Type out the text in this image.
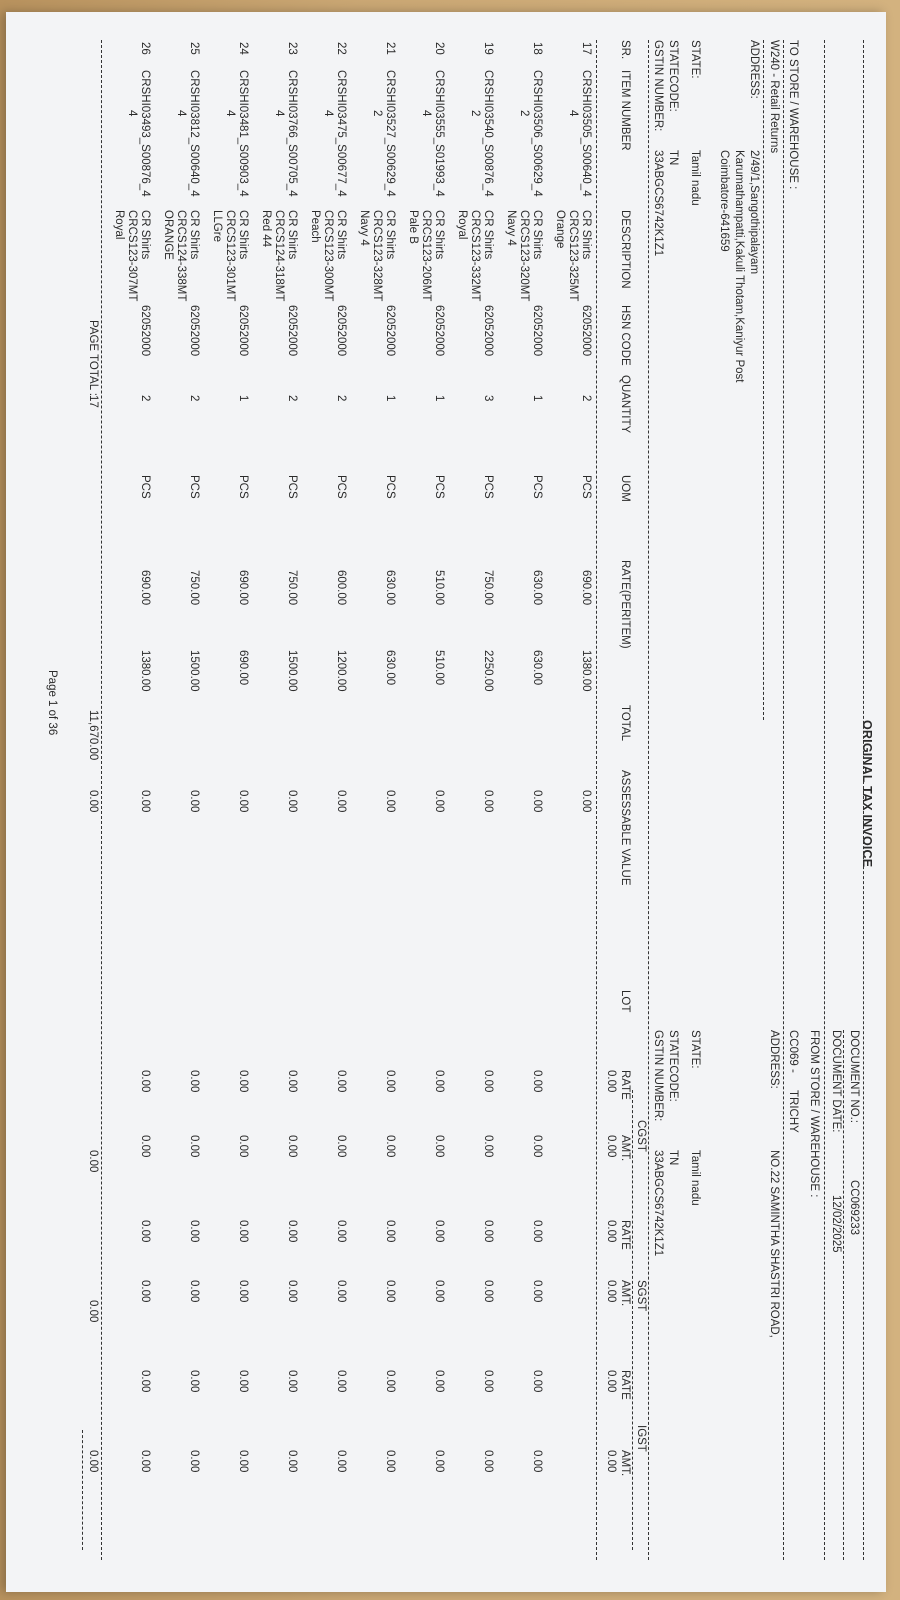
ORIGINAL TAX INVOICE
DOCUMENT NO.:
CC069233
DOCUMENT DATE:
12/02/2025
FROM STORE / WAREHOUSE :
TO STORE / WAREHOUSE :
CC069 -
TRICHY
W240 - Retail Returns
ADDRESS:
NO.22 SAMINTHA SHASTRI ROAD,
ADDRESS:
2/49/1,Sangothipalayam
Karumathampatti,Kakuli Thotam,Kaniyur Post
Coimbatore-641659
STATE:
Tamil nadu
STATE:
Tamil nadu
STATECODE:
TN
STATECODE:
TN
GSTIN NUMBER:
33ABGCS6742K1Z1
GSTIN NUMBER:
33ABGCS6742K1Z1
CGST
SGST
IGST
SR.
ITEM NUMBER
DESCRIPTION
HSN CODE
QUANTITY
UOM
RATE(PERITEM)
TOTAL
ASSESSABLE VALUE
LOT
RATE
AMT.
RATE
AMT.
RATE
AMT.
0.00
0.00
0.00
0.00
0.00
0.00
17
CRSHI03505_S00640_4
CR Shirts
62052000
2
PCS
690.00
1380.00
0.00
4
CRCS123-325MT
Orange
18
CRSHI03506_S00629_4
CR Shirts
62052000
1
PCS
630.00
630.00
0.00
2
CRCS123-320MT
Navy 4
0.00
0.00
0.00
0.00
0.00
0.00
19
CRSHI03540_S00876_4
CR Shirts
62052000
3
PCS
750.00
2250.00
0.00
2
CRCS123-332MT
Royal
0.00
0.00
0.00
0.00
0.00
0.00
20
CRSHI03555_S01993_4
CR Shirts
62052000
1
PCS
510.00
510.00
0.00
4
CRCS123-206MT
Pale B
0.00
0.00
0.00
0.00
0.00
0.00
21
CRSHI03527_S00629_4
CR Shirts
62052000
1
PCS
630.00
630.00
0.00
2
CRCS123-328MT
Navy 4
0.00
0.00
0.00
0.00
0.00
0.00
22
CRSHI03475_S00677_4
CR Shirts
62052000
2
PCS
600.00
1200.00
0.00
4
CRCS123-300MT
Peach
0.00
0.00
0.00
0.00
0.00
0.00
23
CRSHI03766_S00705_4
CR Shirts
62052000
2
PCS
750.00
1500.00
0.00
4
CRCS124-318MT
Red 44
0.00
0.00
0.00
0.00
0.00
0.00
24
CRSHI03481_S00903_4
CR Shirts
62052000
1
PCS
690.00
690.00
0.00
4
CRCS123-301MT
LLGre
0.00
0.00
0.00
0.00
0.00
0.00
25
CRSHI03812_S00640_4
CR Shirts
62052000
2
PCS
750.00
1500.00
0.00
4
CRCS124-338MT
ORANGE
0.00
0.00
0.00
0.00
0.00
0.00
26
CRSHI03493_S00876_4
CR Shirts
62052000
2
PCS
690.00
1380.00
0.00
4
CRCS123-307MT
Royal
0.00
0.00
0.00
0.00
0.00
0.00
PAGE TOTAL :
17
11,670.00
0.00
0.00
0.00
0.00
Page 1 of 36
